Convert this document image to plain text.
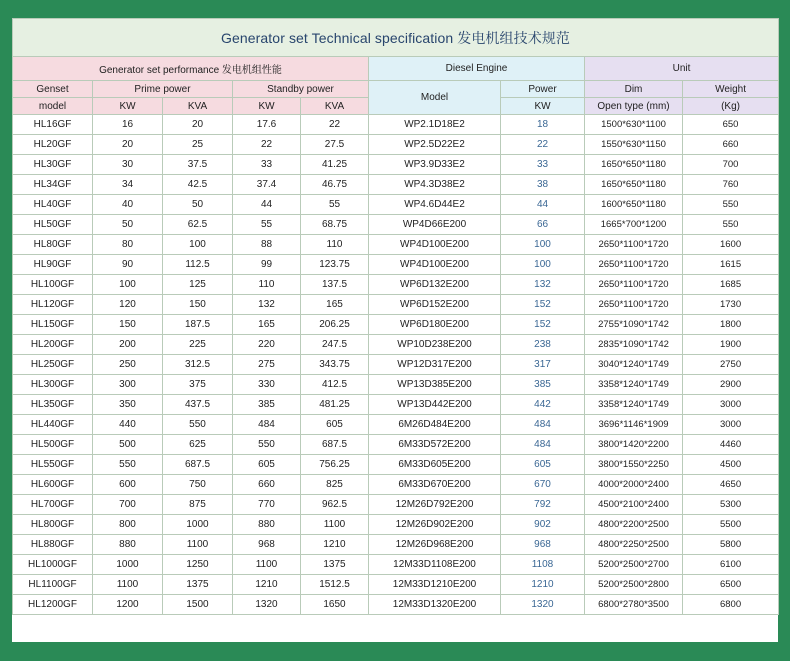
Generator set Technical specification 发电机组技术规范								
Generator set performance 发电机组性能					Diesel Engine		Unit	
Genset	Prime power		Standby power		Model	Power	Dim	Weight
model	KW	KVA	KW	KVA		KW	Open type (mm)	(Kg)
HL16GF	16	20	17.6	22	WP2.1D18E2	18	1500*630*1100	650
HL20GF	20	25	22	27.5	WP2.5D22E2	22	1550*630*1150	660
HL30GF	30	37.5	33	41.25	WP3.9D33E2	33	1650*650*1180	700
HL34GF	34	42.5	37.4	46.75	WP4.3D38E2	38	1650*650*1180	760
HL40GF	40	50	44	55	WP4.6D44E2	44	1600*650*1180	550
HL50GF	50	62.5	55	68.75	WP4D66E200	66	1665*700*1200	550
HL80GF	80	100	88	110	WP4D100E200	100	2650*1100*1720	1600
HL90GF	90	112.5	99	123.75	WP4D100E200	100	2650*1100*1720	1615
HL100GF	100	125	110	137.5	WP6D132E200	132	2650*1100*1720	1685
HL120GF	120	150	132	165	WP6D152E200	152	2650*1100*1720	1730
HL150GF	150	187.5	165	206.25	WP6D180E200	152	2755*1090*1742	1800
HL200GF	200	225	220	247.5	WP10D238E200	238	2835*1090*1742	1900
HL250GF	250	312.5	275	343.75	WP12D317E200	317	3040*1240*1749	2750
HL300GF	300	375	330	412.5	WP13D385E200	385	3358*1240*1749	2900
HL350GF	350	437.5	385	481.25	WP13D442E200	442	3358*1240*1749	3000
HL440GF	440	550	484	605	6M26D484E200	484	3696*1146*1909	3000
HL500GF	500	625	550	687.5	6M33D572E200	484	3800*1420*2200	4460
HL550GF	550	687.5	605	756.25	6M33D605E200	605	3800*1550*2250	4500
HL600GF	600	750	660	825	6M33D670E200	670	4000*2000*2400	4650
HL700GF	700	875	770	962.5	12M26D792E200	792	4500*2100*2400	5300
HL800GF	800	1000	880	1100	12M26D902E200	902	4800*2200*2500	5500
HL880GF	880	1100	968	1210	12M26D968E200	968	4800*2250*2500	5800
HL1000GF	1000	1250	1100	1375	12M33D1108E200	1108	5200*2500*2700	6100
HL1100GF	1100	1375	1210	1512.5	12M33D1210E200	1210	5200*2500*2800	6500
HL1200GF	1200	1500	1320	1650	12M33D1320E200	1320	6800*2780*3500	6800
